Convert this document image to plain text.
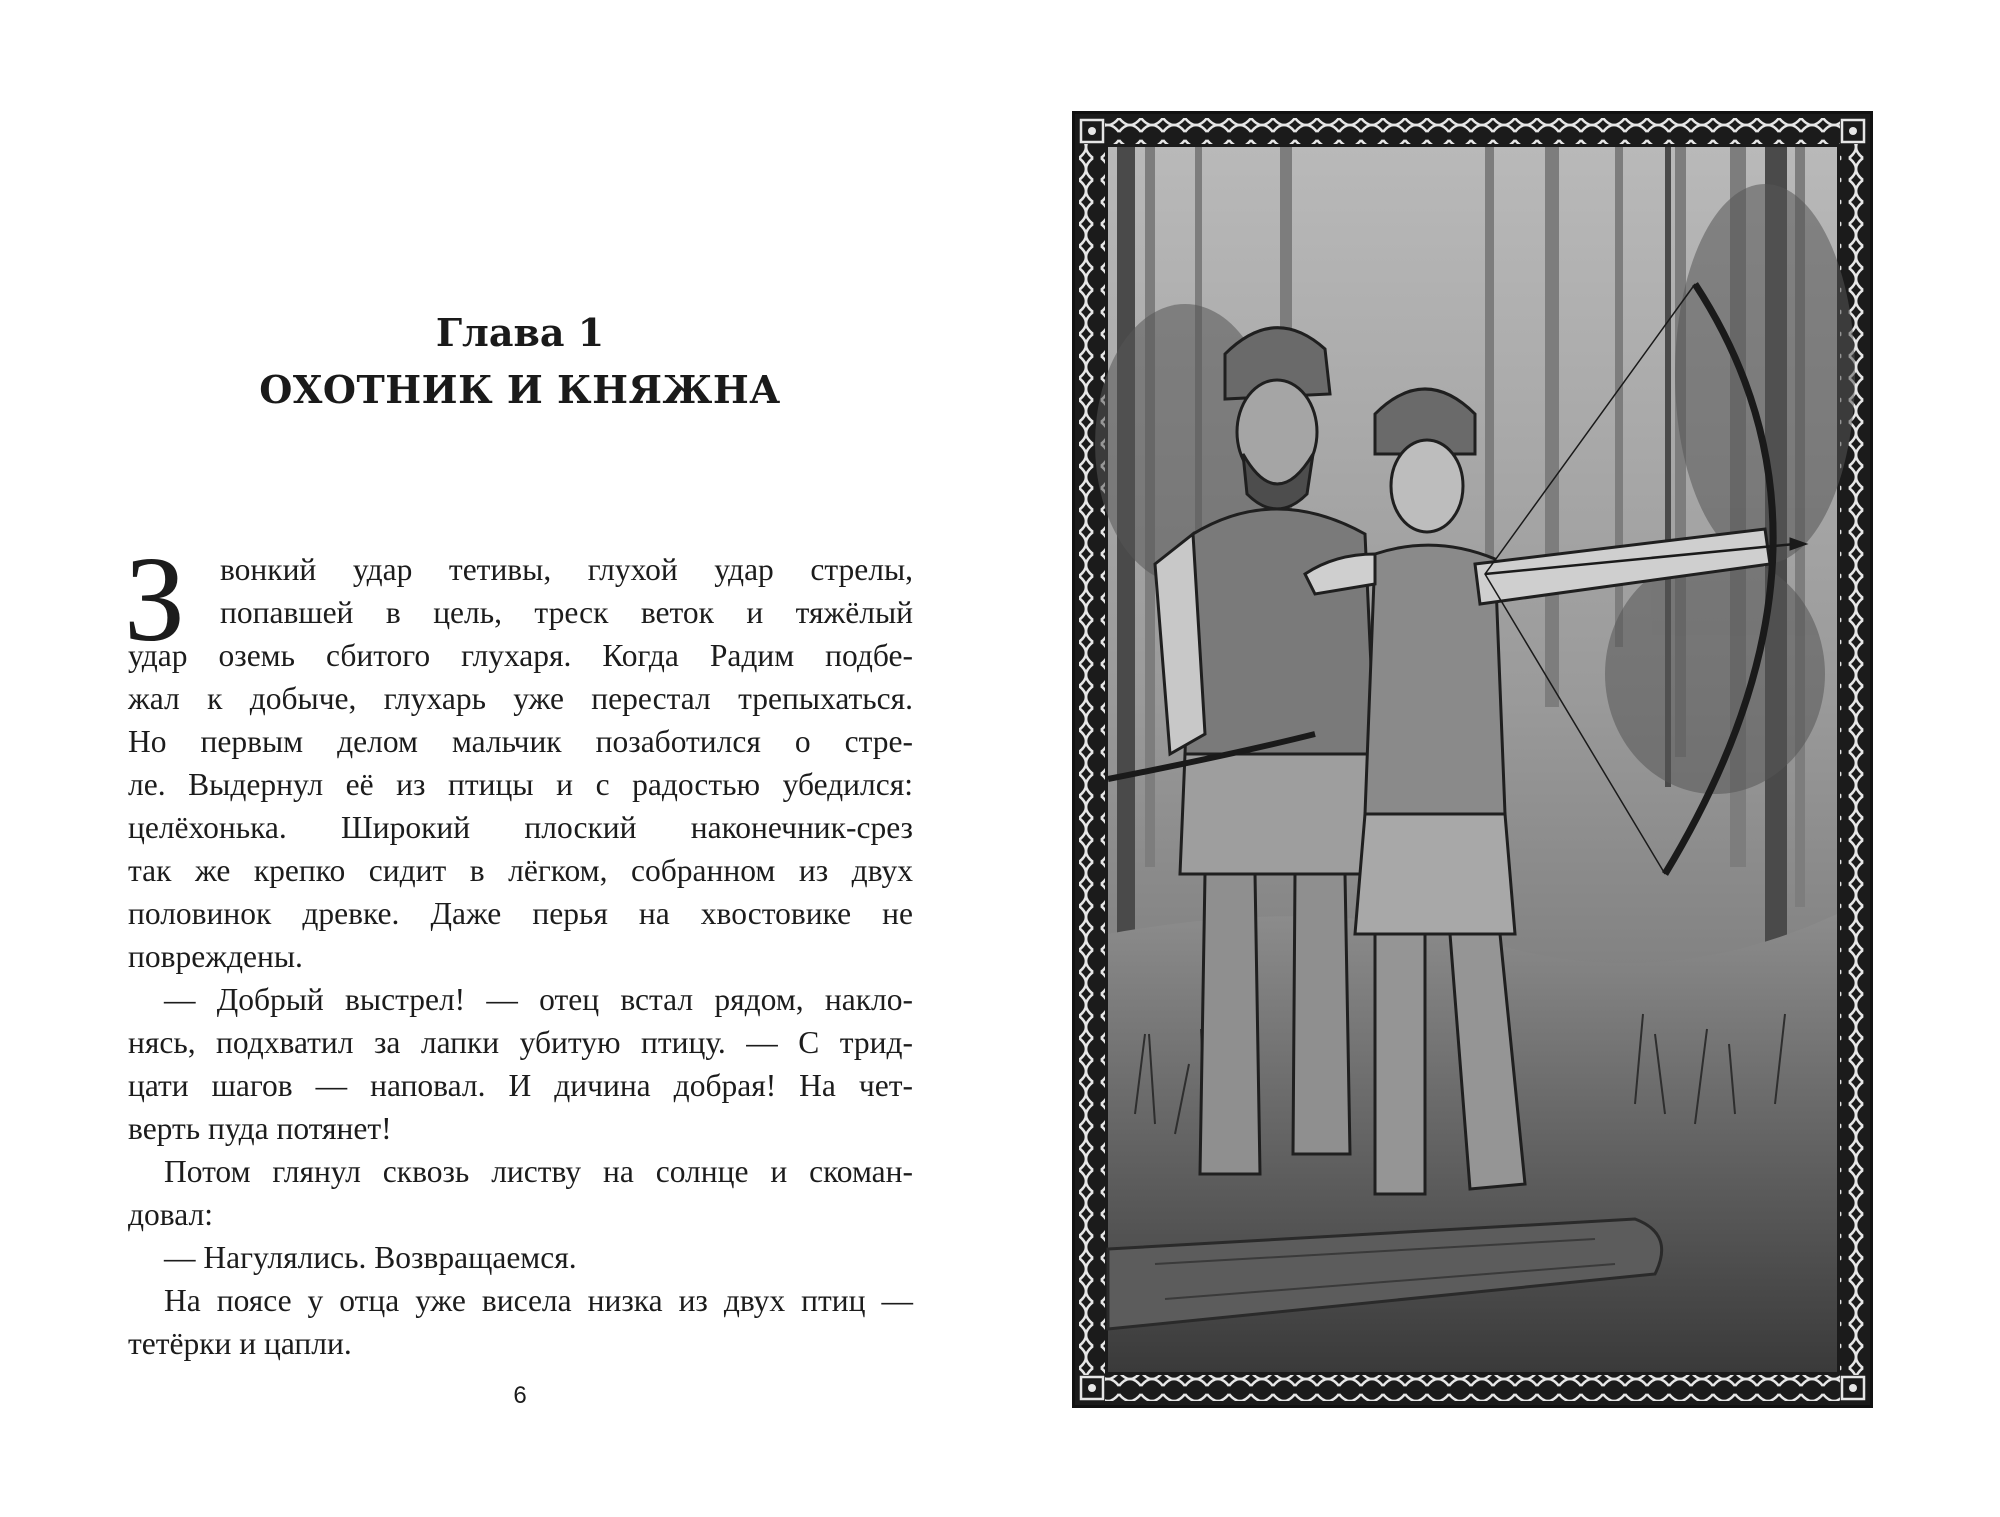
Глава 1
ОХОТНИК И КНЯЖНА
З	вонкий удар тетивы, глухой удар стрелы,
попавшей в цель, треск веток и тяжёлый
удар оземь сбитого глухаря. Когда Радим подбе-
жал к добыче, глухарь уже перестал трепыхаться.
Но первым делом мальчик позаботился о стре-
ле. Выдернул её из птицы и с радостью убедился:
целёхонька. Широкий плоский наконечник-срез
так же крепко сидит в лёгком, собранном из двух
половинок древке. Даже перья на хвостовике не
повреждены.
— Добрый выстрел! — отец встал рядом, накло-
нясь, подхватил за лапки убитую птицу. — С трид-
цати шагов — наповал. И дичина добрая! На чет-
верть пуда потянет!
Потом глянул сквозь листву на солнце и скоман-
довал:
— Нагулялись. Возвращаемся.
На поясе у отца уже висела низка из двух птиц —
тетёрки и цапли.
6
